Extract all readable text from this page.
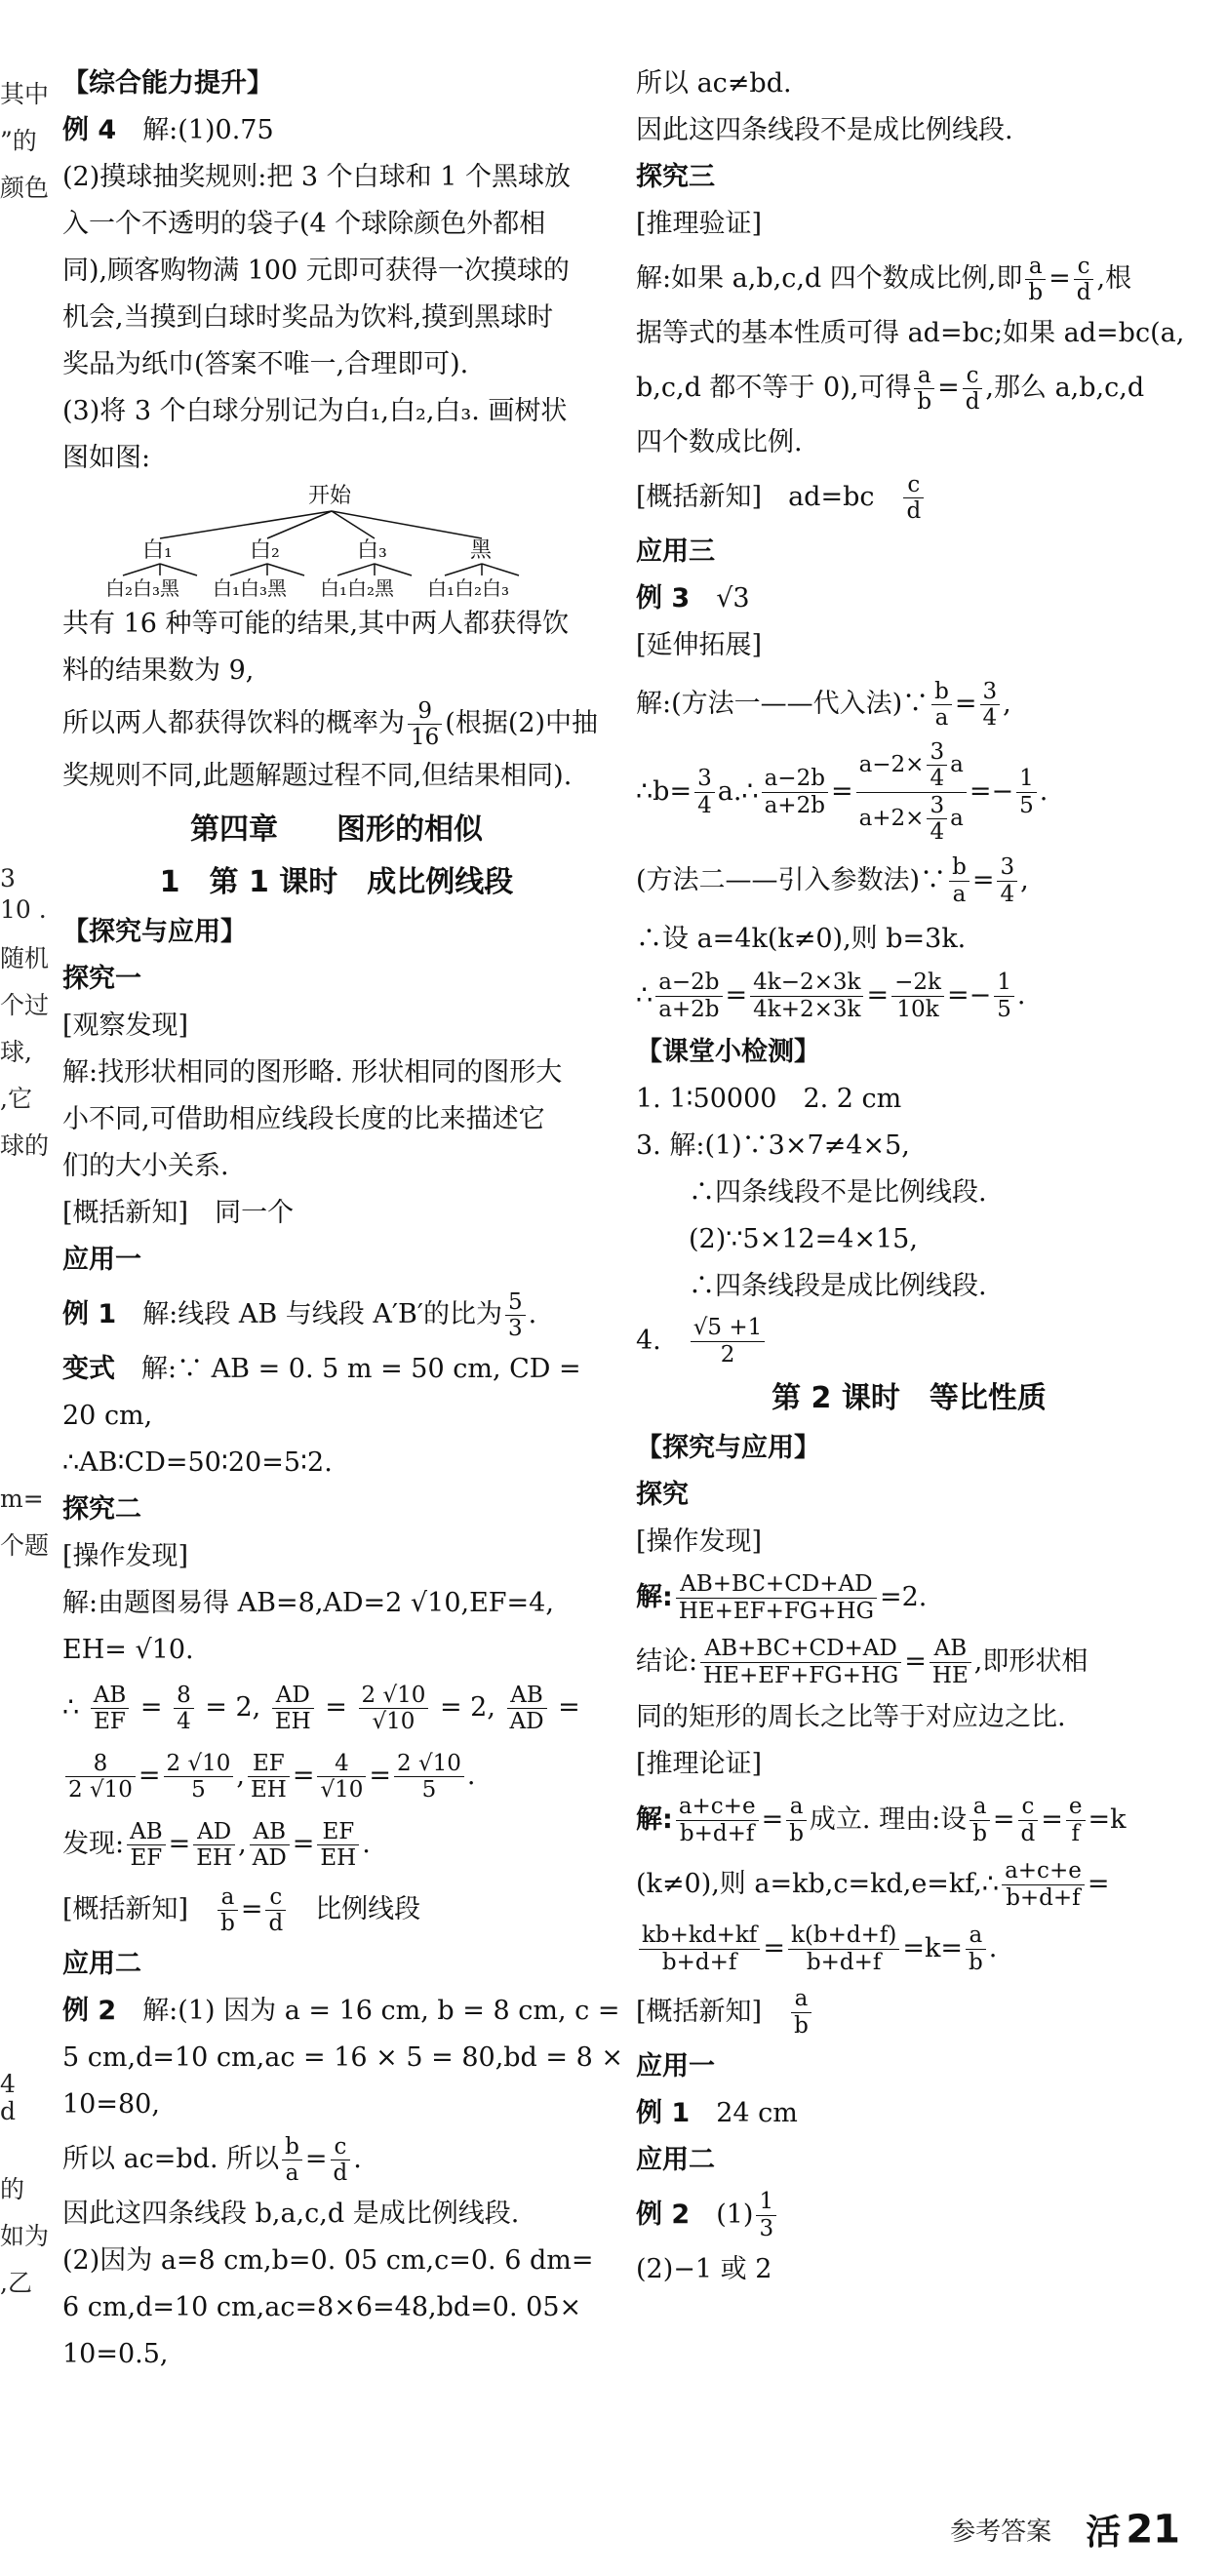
其中
”的
颜色
3
10 .
随机
个过
球,
,它
球的
m=
个题
4
d
的
如为
,乙
【综合能力提升】
例 4　 解:(1)0.75
(2)摸球抽奖规则:把 3 个白球和 1 个黑球放
入一个不透明的袋子(4 个球除颜色外都相
同),顾客购物满 100 元即可获得一次摸球的
机会,当摸到白球时奖品为饮料,摸到黑球时
奖品为纸巾(答案不唯一,合理即可).
(3)将 3 个白球分别记为白₁,白₂,白₃. 画树状
图如图:
开始
白₁	白₂	白₃	黑
白₂白₃黑 白₁白₃黑 白₁白₂黑 白₁白₂白₃
共有 16 种等可能的结果,其中两人都获得饮
料的结果数为 9,
所以两人都获得饮料的概率为 $\frac{9}{16}$ (根据(2)中抽
奖规则不同,此题解题过程不同,但结果相同).
第四章　　图形的相似
1　第 1 课时　成比例线段
【探究与应用】
探究一
[观察发现]
解:找形状相同的图形略. 形状相同的图形大
小不同,可借助相应线段长度的比来描述它
们的大小关系.
[概括新知]　同一个
应用一
例 1　 解:线段 AB 与线段 A′B′的比为 $\frac{5}{3}$ .
变式　 解:∵ AB = 0. 5 m = 50 cm, CD =
20 cm,
∴AB∶CD=50∶20=5∶2.
探究二
[操作发现]
解:由题图易得 AB=8,AD=2 √10,EF=4,
EH= √10.
∴ $\frac{AB}{EF} = \frac{8}{4} = 2$, $\frac{AD}{EH} = \frac{2 √10}{√10} = 2$, $\frac{AB}{AD}$ =
$\frac{8}{2 √10} = \frac{2 √10}{5}$ , $\frac{EF}{EH} = \frac{4}{√10} = \frac{2 √10}{5}$ .
发现: $\frac{AB}{EF} = \frac{AD}{EH}$ , $\frac{AB}{AD} = \frac{EF}{EH}$ .
[概括新知]　 $\frac{a}{b} = \frac{c}{d}$
　 比例线段
应用二
例 2　 解:(1) 因为 a = 16 cm, b = 8 cm, c =
5 cm,d=10 cm,ac = 16 × 5 = 80,bd = 8 ×
10=80,
所以 ac=bd. 所以 $\frac{b}{a} = \frac{c}{d}$ .
因此这四条线段 b,a,c,d 是成比例线段.
(2)因为 a=8 cm,b=0. 05 cm,c=0. 6 dm=
6 cm,d=10 cm,ac=8×6=48,bd=0. 05×
10=0.5,
所以 ac≠bd.
因此这四条线段不是成比例线段.
探究三
[推理验证]
解:如果 a,b,c,d 四个数成比例,即 $\frac{a}{b} = \frac{c}{d}$ ,根
据等式的基本性质可得 ad=bc;如果 ad=bc(a,
b,c,d 都不等于 0),可得 $\frac{a}{b} = \frac{c}{d}$ ,那么 a,b,c,d
四个数成比例.
[概括新知]　ad=bc　 $\frac{c}{d}$
应用三
例 3　 √3
[延伸拓展]
解:(方法一——代入法)∵ $\frac{b}{a} = \frac{3}{4}$ ,
∴b= $\frac{3}{4}$ a.∴ $\frac{a-2b}{a+2b} = \frac{a-2\times \frac{3}{4} a}{a+2\times \frac{3}{4} a} =- \frac{1}{5}$ .
(方法二——引入参数法)∵ $\frac{b}{a} = \frac{3}{4}$ ,
∴设 a=4k(k≠0),则 b=3k.
∴ $\frac{a-2b}{a+2b} = \frac{4k-2\times 3k}{4k+2\times 3k} = \frac{-2k}{10k} =- \frac{1}{5}$ .
【课堂小检测】
1. 1∶50000　2. 2 cm
3. 解:(1)∵3×7≠4×5,
∴四条线段不是比例线段.
(2)∵5×12=4×15,
∴四条线段是成比例线段.
4.　 $\frac{√5 +1}{2}$
第 2 课时　等比性质
【探究与应用】
探究
[操作发现]
解: $\frac{AB+BC+CD+AD}{HE+EF+FG+HG} =2$.
结论: $\frac{AB+BC+CD+AD}{HE+EF+FG+HG} = \frac{AB}{HE}$ ,即形状相
同的矩形的周长之比等于对应边之比.
[推理论证]
解: $\frac{a+c+e}{b+d+f} = \frac{a}{b}$ 成立. 理由:设 $\frac{a}{b} = \frac{c}{d} = \frac{e}{f} =k$
(k≠0),则 a=kb,c=kd,e=kf,∴ $\frac{a+c+e}{b+d+f}$ =
$\frac{kb+kd+kf}{b+d+f} = \frac{k(b+d+f)}{b+d+f} =k= \frac{a}{b}$ .
[概括新知]　 $\frac{a}{b}$
应用一
例 1　 24 cm
应用二
例 2　 $(1) \frac{1}{3}$
(2)−1 或 2
参考答案 活 21
